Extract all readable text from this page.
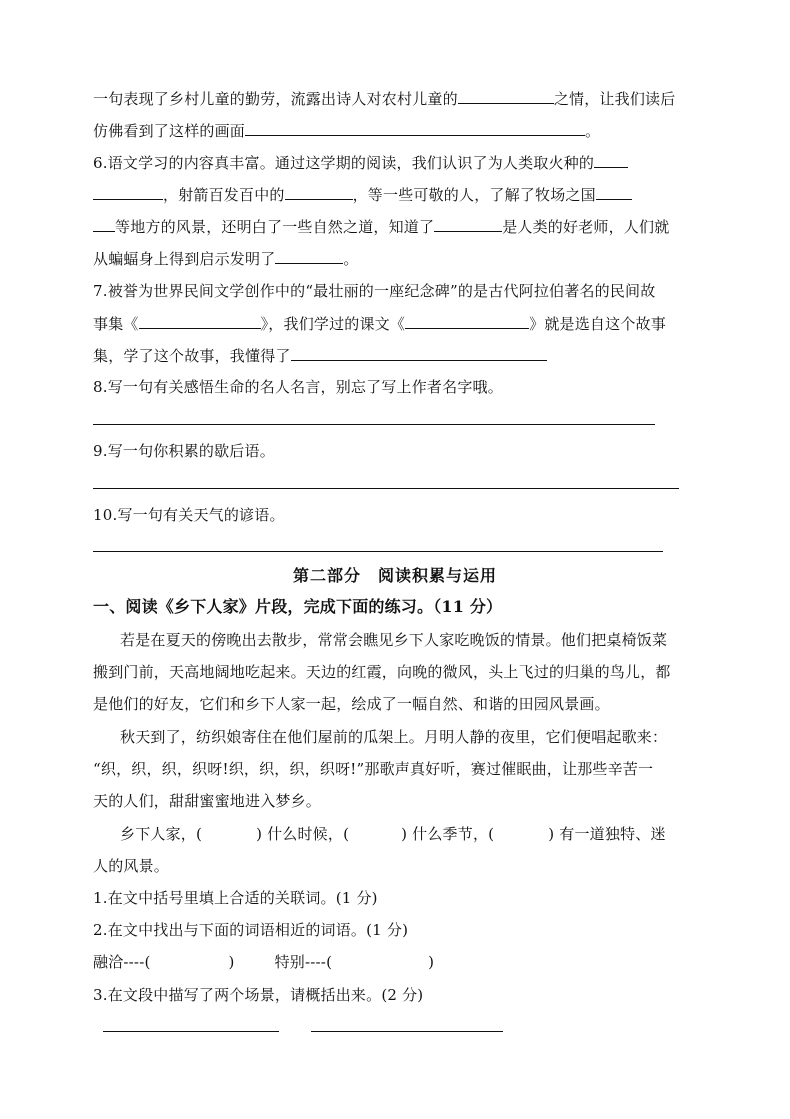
一句表现了乡村儿童的勤劳，流露出诗人对农村儿童的	之情，让我们读后
仿佛看到了这样的画面	。
6.语文学习的内容真丰富。通过这学期的阅读，我们认识了为人类取火种的
，射箭百发百中的	，等一些可敬的人，了解了牧场之国
等地方的风景，还明白了一些自然之道，知道了	是人类的好老师，人们就
从蝙蝠身上得到启示发明了	。
7.被誉为世界民间文学创作中的“最壮丽的一座纪念碑”的是古代阿拉伯著名的民间故
事集《	》，我们学过的课文《	》就是选自这个故事
集，学了这个故事，我懂得了
8.写一句有关感悟生命的名人名言，别忘了写上作者名字哦。
9.写一句你积累的歇后语。
10.写一句有关天气的谚语。
第二部分　阅读积累与运用
一、阅读《乡下人家》片段，完成下面的练习。（11 分）
若是在夏天的傍晚出去散步，常常会瞧见乡下人家吃晚饭的情景。他们把桌椅饭菜
搬到门前，天高地阔地吃起来。天边的红霞，向晚的微风，头上飞过的归巢的鸟儿，都
是他们的好友，它们和乡下人家一起，绘成了一幅自然、和谐的田园风景画。
秋天到了，纺织娘寄住在他们屋前的瓜架上。月明人静的夜里，它们便唱起歌来：
“织，织，织，织呀!织，织，织，织呀!”那歌声真好听，赛过催眠曲，让那些辛苦一
天的人们，甜甜蜜蜜地进入梦乡。
乡下人家，(	) 什么时候，(	) 什么季节，(	) 有一道独特、迷
人的风景。
1.在文中括号里填上合适的关联词。(1 分)
2.在文中找出与下面的词语相近的词语。(1 分)
融洽----(	)	特别----(	)
3.在文段中描写了两个场景，请概括出来。(2 分)
